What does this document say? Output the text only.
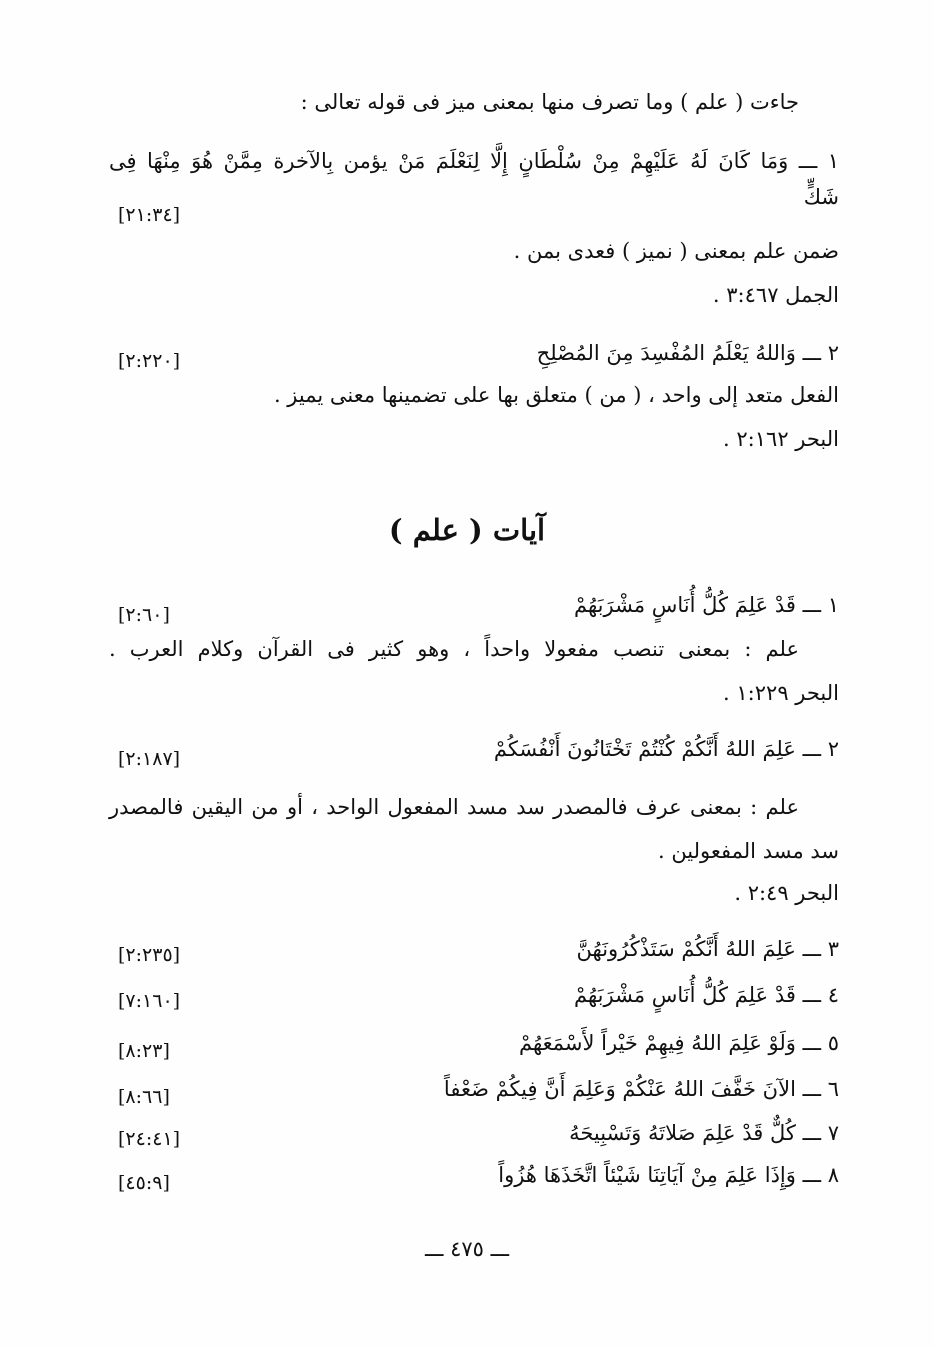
جاءت ( علم ) وما تصرف منها بمعنى ميز فى قوله تعالى :
١ ـــ وَمَا كَانَ لَهُ عَلَيْهِمْ مِنْ سُلْطَانٍ إِلَّا لِنَعْلَمَ مَنْ يؤمن بِالآخرة مِمَّنْ هُوَ مِنْهَا فِى
شَكٍّ
[٢١:٣٤]
ضمن علم بمعنى ( نميز ) فعدى بمن .
الجمل ٣:٤٦٧ .
٢ ـــ وَاللهُ يَعْلَمُ المُفْسِدَ مِنَ المُصْلِحِ
[٢:٢٢٠]
الفعل متعد إلى واحد ، ( من ) متعلق بها على تضمينها معنى يميز .
البحر ٢:١٦٢ .
آيات ( علم )
١ ـــ قَدْ عَلِمَ كُلُّ أُنَاسٍ مَشْرَبَهُمْ
[٢:٦٠]
علم : بمعنى تنصب مفعولا واحداً ، وهو كثير فى القرآن وكلام العرب .
البحر ١:٢٢٩ .
٢ ـــ عَلِمَ اللهُ أَنَّكُمْ كُنْتُمْ تَخْتَانُونَ أَنْفُسَكُمْ
[٢:١٨٧]
علم : بمعنى عرف فالمصدر سد مسد المفعول الواحد ، أو من اليقين فالمصدر
سد مسد المفعولين .
البحر ٢:٤٩ .
٣ ـــ عَلِمَ اللهُ أَنَّكُمْ سَتَذْكُرُونَهُنَّ
[٢:٢٣٥]
٤ ـــ قَدْ عَلِمَ كُلُّ أُنَاسٍ مَشْرَبَهُمْ
[٧:١٦٠]
٥ ـــ وَلَوْ عَلِمَ اللهُ فِيهِمْ خَيْراً لأَسْمَعَهُمْ
[٨:٢٣]
٦ ـــ الآنَ خَفَّفَ اللهُ عَنْكُمْ وَعَلِمَ أَنَّ فِيكُمْ ضَعْفاً
[٨:٦٦]
٧ ـــ كُلٌّ قَدْ عَلِمَ صَلاتَهُ وَتَسْبِيحَهُ
[٢٤:٤١]
٨ ـــ وَإِذَا عَلِمَ مِنْ آيَاتِنَا شَيْئاً اتَّخَذَهَا هُزُواً
[٤٥:٩]
ـــ ٤٧٥ ـــ
